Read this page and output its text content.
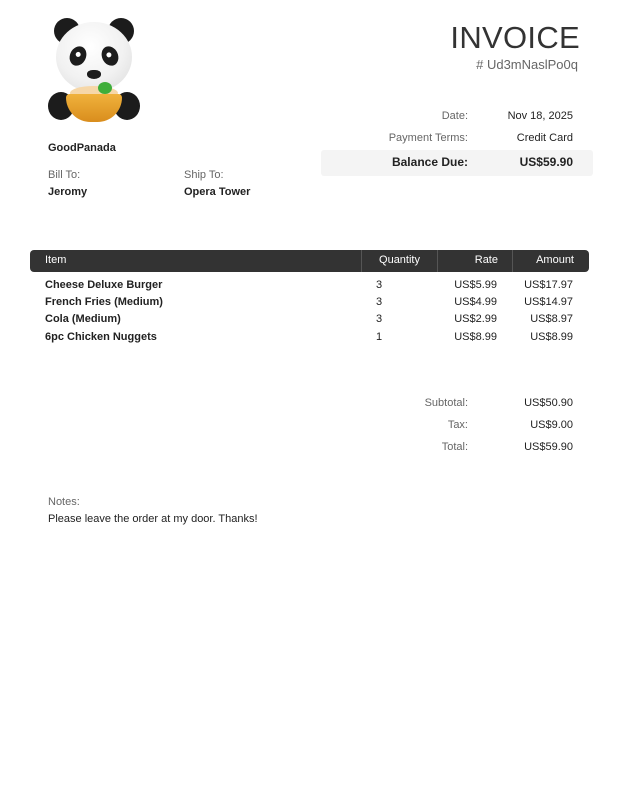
GoodPanada
Bill To:
Jeromy
Ship To:
Opera Tower
INVOICE
# Ud3mNaslPo0q
Date:	Nov 18, 2025
Payment Terms:	Credit Card
Balance Due:	US$59.90
Item	Quantity	Rate	Amount
Cheese Deluxe Burger	3	US$5.99	US$17.97
French Fries (Medium)	3	US$4.99	US$14.97
Cola (Medium)	3	US$2.99	US$8.97
6pc Chicken Nuggets	1	US$8.99	US$8.99
Subtotal:	US$50.90
Tax:	US$9.00
Total:	US$59.90
Notes:
Please leave the order at my door. Thanks!
